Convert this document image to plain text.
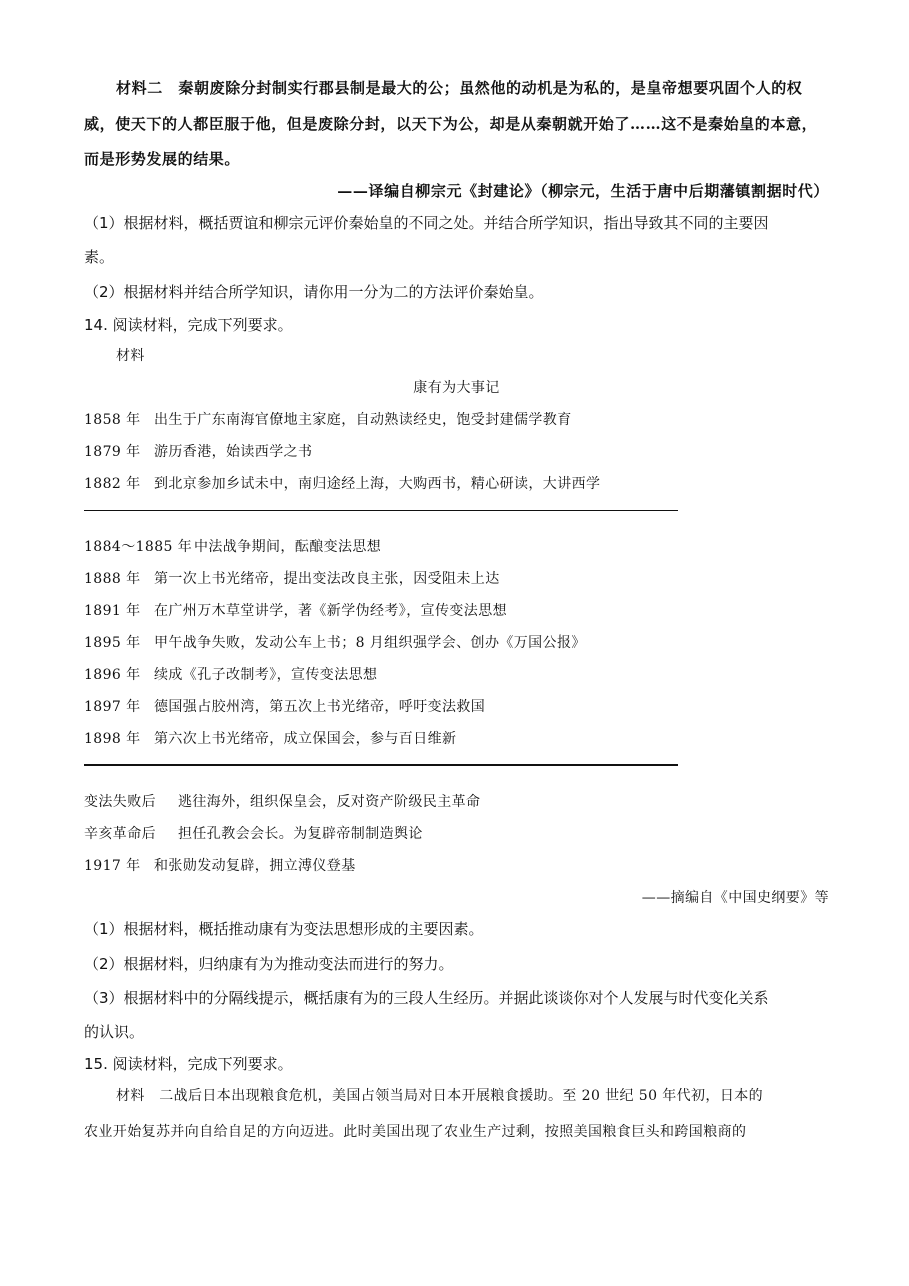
材料二　秦朝废除分封制实行郡县制是最大的公；虽然他的动机是为私的，是皇帝想要巩固个人的权
威，使天下的人都臣服于他，但是废除分封，以天下为公，却是从秦朝就开始了……这不是秦始皇的本意，
而是形势发展的结果。
——译编自柳宗元《封建论》（柳宗元，生活于唐中后期藩镇割据时代）
（1）根据材料，概括贾谊和柳宗元评价秦始皇的不同之处。并结合所学知识，指出导致其不同的主要因
素。
（2）根据材料并结合所学知识，请你用一分为二的方法评价秦始皇。
14. 阅读材料，完成下列要求。
材料
康有为大事记
1858 年 出生于广东南海官僚地主家庭，自动熟读经史，饱受封建儒学教育
1879 年 游历香港，始读西学之书
1882 年 到北京参加乡试未中，南归途经上海，大购西书，精心研读，大讲西学
1884～1885 年 中法战争期间，酝酿变法思想
1888 年 第一次上书光绪帝，提出变法改良主张，因受阻未上达
1891 年 在广州万木草堂讲学，著《新学伪经考》，宣传变法思想
1895 年 甲午战争失败，发动公车上书；8 月组织强学会、创办《万国公报》
1896 年 续成《孔子改制考》，宣传变法思想
1897 年 德国强占胶州湾，第五次上书光绪帝，呼吁变法救国
1898 年 第六次上书光绪帝，成立保国会，参与百日维新
变法失败后 逃往海外，组织保皇会，反对资产阶级民主革命
辛亥革命后 担任孔教会会长。为复辟帝制制造舆论
1917 年 和张勋发动复辟，拥立溥仪登基
——摘编自《中国史纲要》等
（1）根据材料，概括推动康有为变法思想形成的主要因素。
（2）根据材料，归纳康有为为推动变法而进行的努力。
（3）根据材料中的分隔线提示，概括康有为的三段人生经历。并据此谈谈你对个人发展与时代变化关系
的认识。
15. 阅读材料，完成下列要求。
材料　二战后日本出现粮食危机，美国占领当局对日本开展粮食援助。至 20 世纪 50 年代初，日本的
农业开始复苏并向自给自足的方向迈进。此时美国出现了农业生产过剩，按照美国粮食巨头和跨国粮商的
